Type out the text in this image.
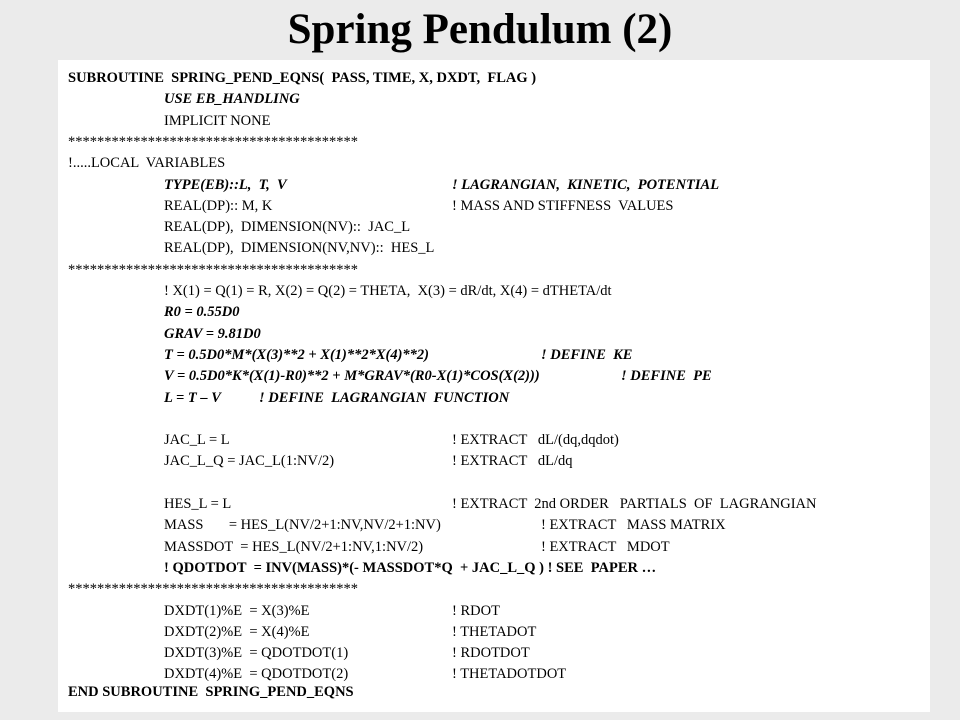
Spring Pendulum (2)
SUBROUTINE  SPRING_PEND_EQNS(  PASS, TIME, X, DXDT,  FLAG )
USE EB_HANDLING
IMPLICIT NONE
****************************************
!.....LOCAL  VARIABLES
TYPE(EB)::L,  T,  V	! LAGRANGIAN,  KINETIC,  POTENTIAL
REAL(DP):: M, K	! MASS AND STIFFNESS  VALUES
REAL(DP),  DIMENSION(NV)::  JAC_L
REAL(DP),  DIMENSION(NV,NV)::  HES_L
****************************************
! X(1) = Q(1) = R, X(2) = Q(2) = THETA,  X(3) = dR/dt, X(4) = dTHETA/dt
R0 = 0.55D0
GRAV = 9.81D0
T = 0.5D0*M*(X(3)**2 + X(1)**2*X(4)**2)	! DEFINE  KE
V = 0.5D0*K*(X(1)-R0)**2 + M*GRAV*(R0-X(1)*COS(X(2)))	! DEFINE  PE
L = T – V	! DEFINE  LAGRANGIAN  FUNCTION
JAC_L = L	! EXTRACT   dL/(dq,dqdot)
JAC_L_Q = JAC_L(1:NV/2)	! EXTRACT   dL/dq
HES_L = L	! EXTRACT  2nd ORDER   PARTIALS  OF  LAGRANGIAN
MASS       = HES_L(NV/2+1:NV,NV/2+1:NV)	! EXTRACT   MASS MATRIX
MASSDOT  = HES_L(NV/2+1:NV,1:NV/2)	! EXTRACT   MDOT
! QDOTDOT  = INV(MASS)*(- MASSDOT*Q  + JAC_L_Q ) ! SEE  PAPER …
****************************************
DXDT(1)%E  = X(3)%E	! RDOT
DXDT(2)%E  = X(4)%E	! THETADOT
DXDT(3)%E  = QDOTDOT(1)	! RDOTDOT
DXDT(4)%E  = QDOTDOT(2)	! THETADOTDOT
END SUBROUTINE  SPRING_PEND_EQNS
